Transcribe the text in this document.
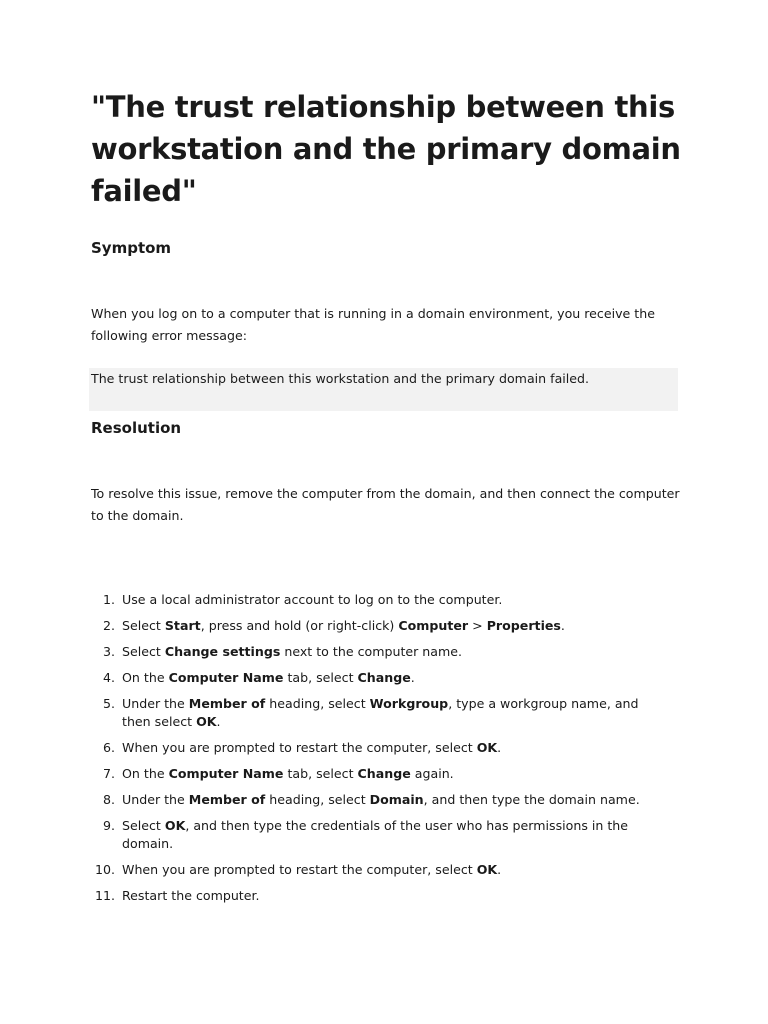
"The trust relationship between this workstation and the primary domain failed"
Symptom

When you log on to a computer that is running in a domain environment, you receive the following error message:

The trust relationship between this workstation and the primary domain failed.

Resolution

To resolve this issue, remove the computer from the domain, and then connect the computer to the domain.

1. Use a local administrator account to log on to the computer.
2. Select Start, press and hold (or right-click) Computer > Properties.
3. Select Change settings next to the computer name.
4. On the Computer Name tab, select Change.
5. Under the Member of heading, select Workgroup, type a workgroup name, and then select OK.
6. When you are prompted to restart the computer, select OK.
7. On the Computer Name tab, select Change again.
8. Under the Member of heading, select Domain, and then type the domain name.
9. Select OK, and then type the credentials of the user who has permissions in the domain.
10. When you are prompted to restart the computer, select OK.
11. Restart the computer.
